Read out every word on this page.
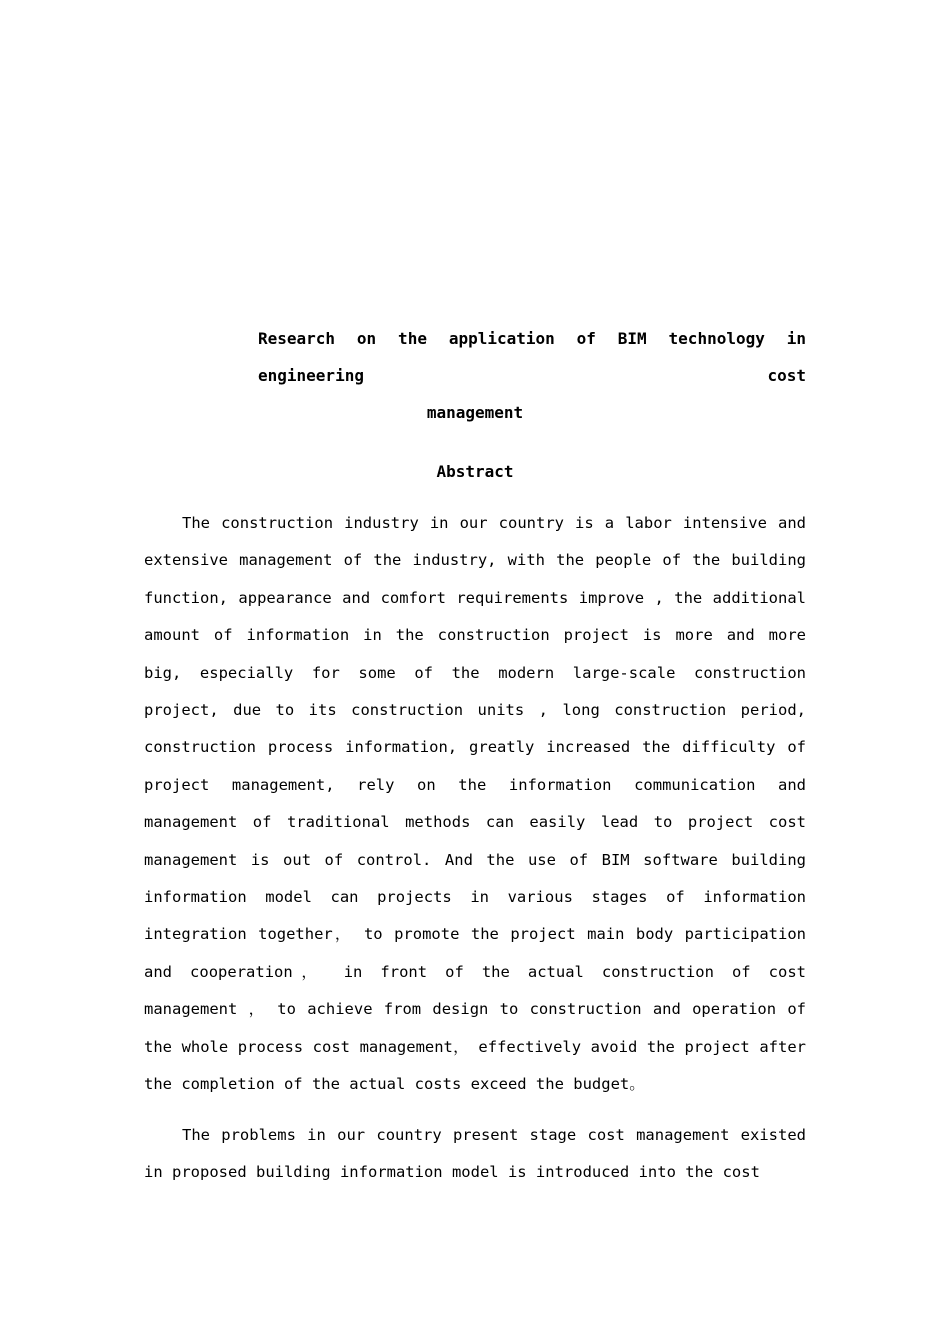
Research on the application of BIM technology in engineering cost
management
Abstract

The construction industry in our country is a labor intensive and extensive management of the industry, with the people of the building function, appearance and comfort requirements improve , the additional amount of information in the construction project is more and more big, especially for some of the modern large-scale construction project, due to its construction units , long construction period, construction process information, greatly increased the difficulty of project management, rely on the information communication and management of traditional methods can easily lead to project cost management is out of control. And the use of BIM software building information model can projects in various stages of information integration together， to promote the project main body participation and cooperation， in front of the actual construction of cost management ， to achieve from design to construction and operation of the whole process cost management， effectively avoid the project after the completion of the actual costs exceed the budget。

The problems in our country present stage cost management existed in proposed building information model is introduced into the cost
